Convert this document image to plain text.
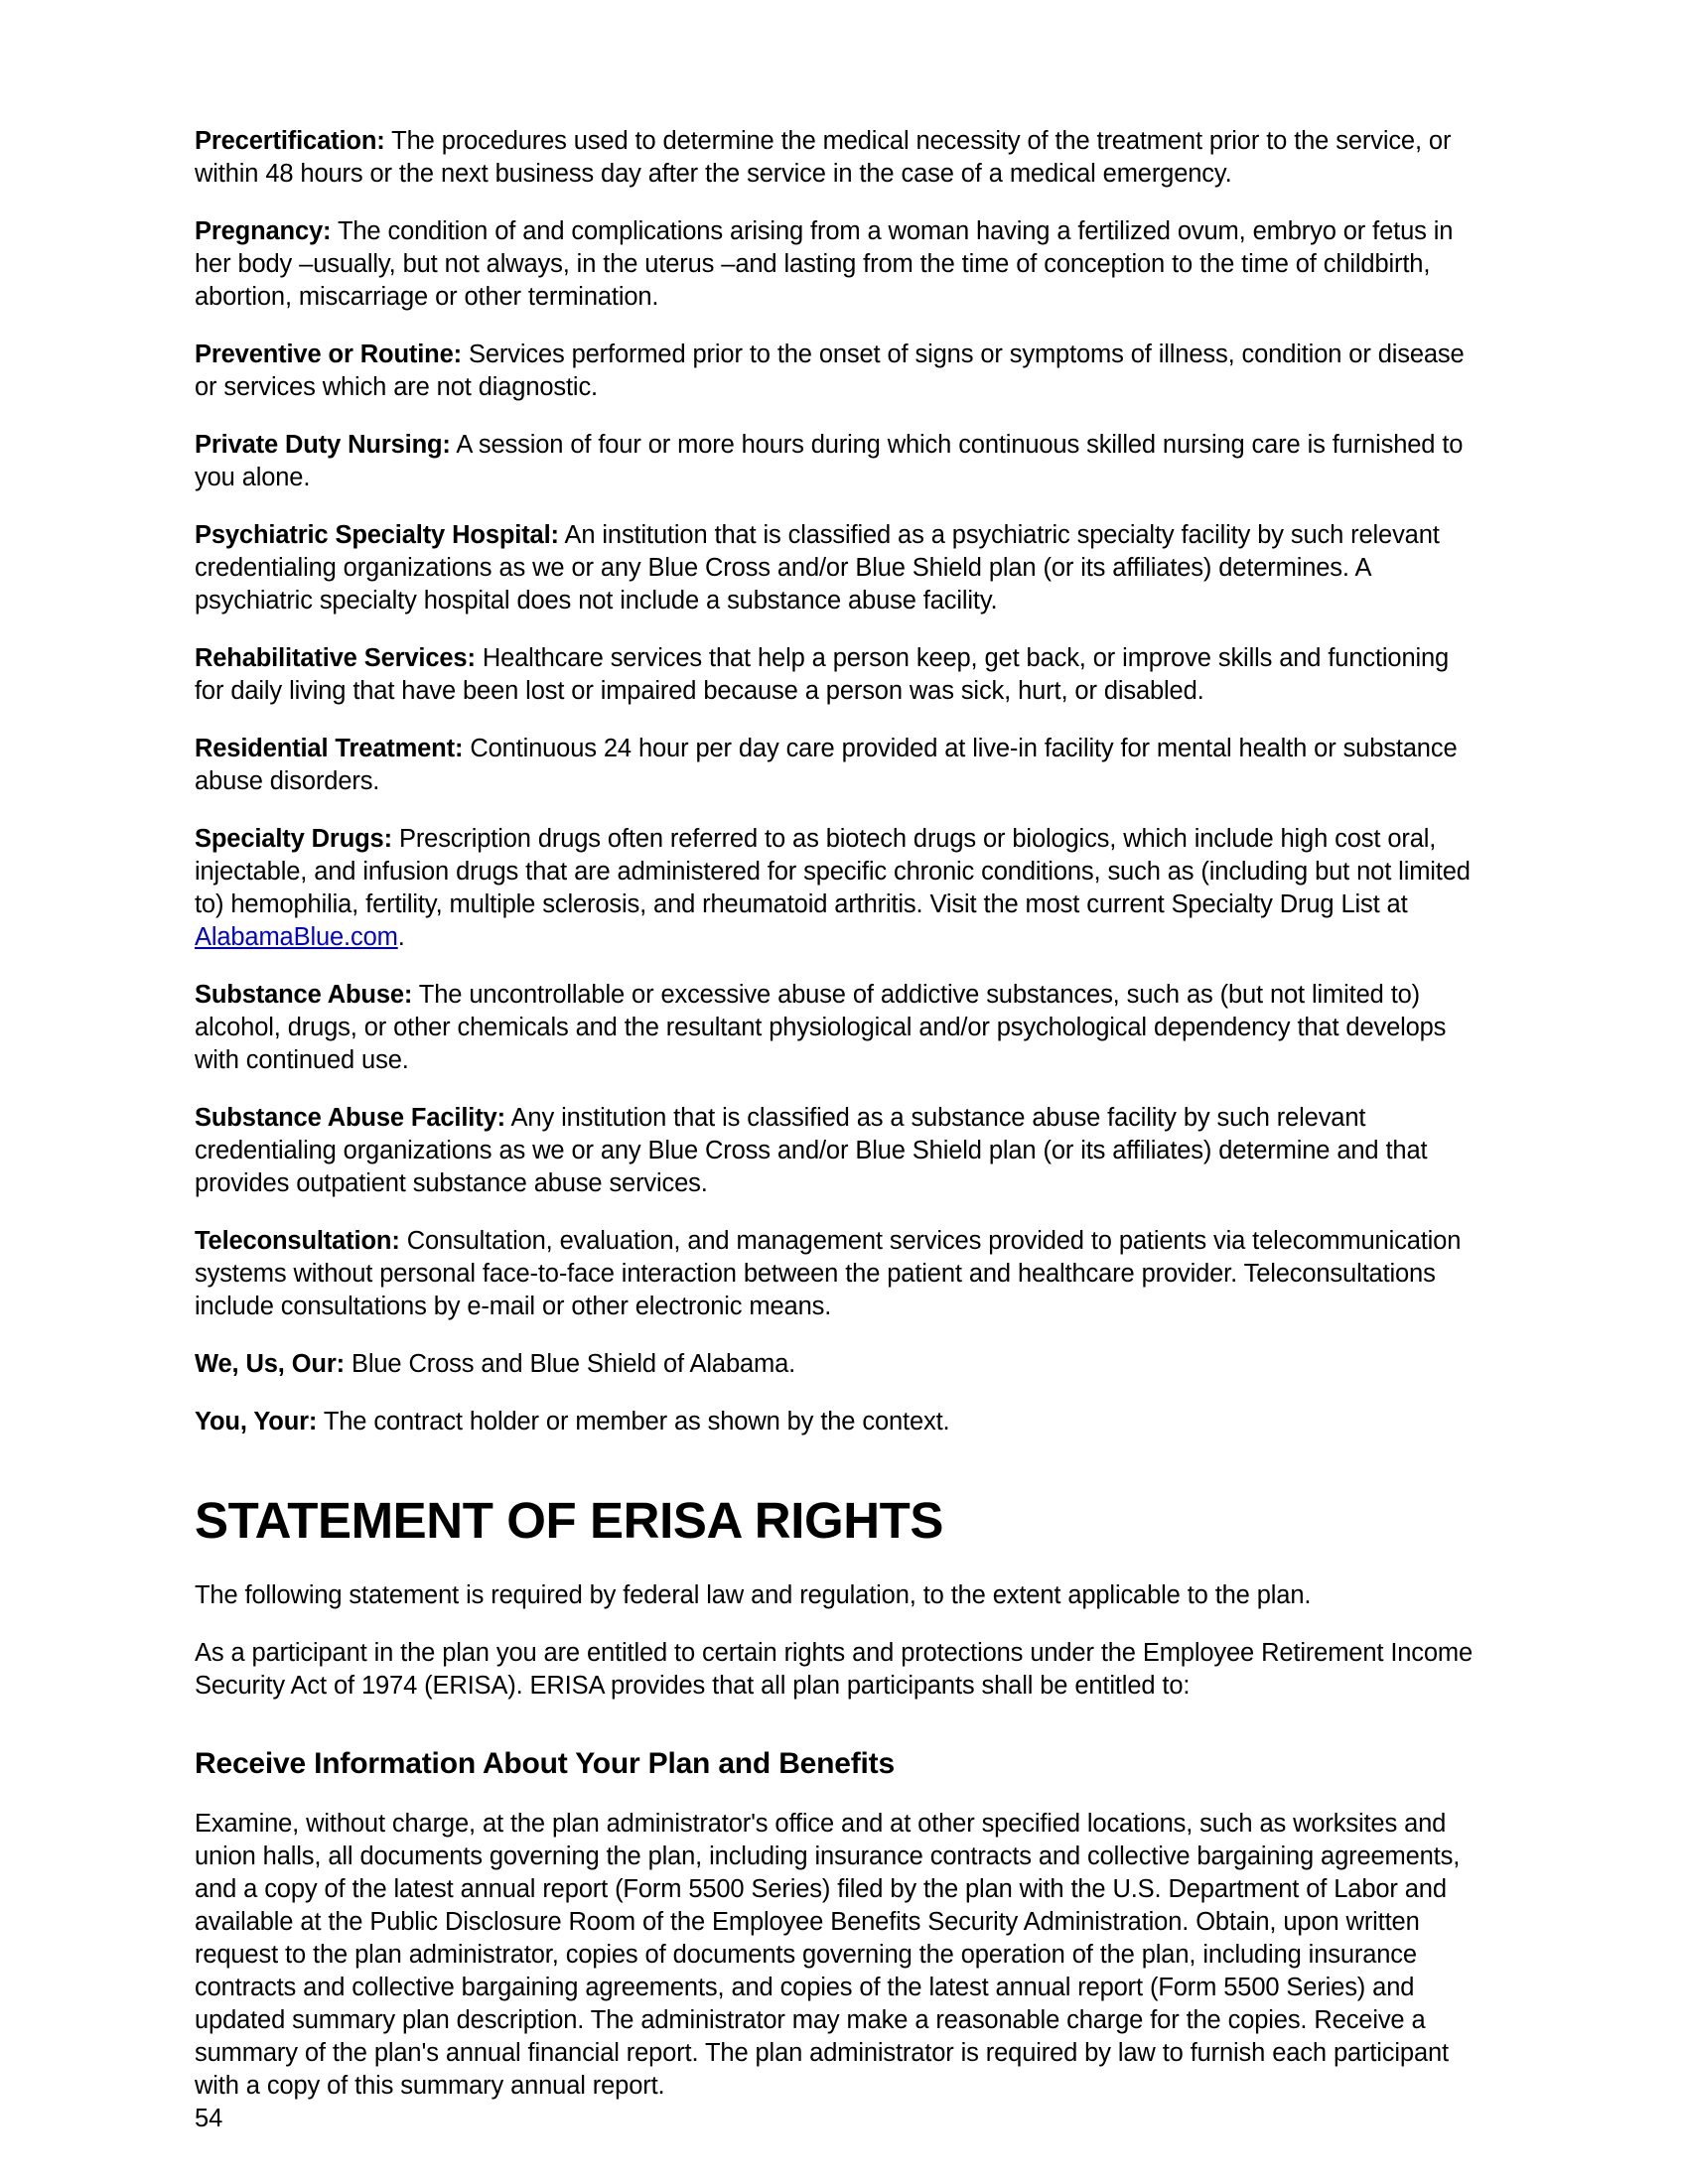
Precertification: The procedures used to determine the medical necessity of the treatment prior to the service, or within 48 hours or the next business day after the service in the case of a medical emergency.

Pregnancy: The condition of and complications arising from a woman having a fertilized ovum, embryo or fetus in her body –usually, but not always, in the uterus –and lasting from the time of conception to the time of childbirth, abortion, miscarriage or other termination.

Preventive or Routine: Services performed prior to the onset of signs or symptoms of illness, condition or disease or services which are not diagnostic.

Private Duty Nursing: A session of four or more hours during which continuous skilled nursing care is furnished to you alone.

Psychiatric Specialty Hospital: An institution that is classified as a psychiatric specialty facility by such relevant credentialing organizations as we or any Blue Cross and/or Blue Shield plan (or its affiliates) determines. A psychiatric specialty hospital does not include a substance abuse facility.

Rehabilitative Services: Healthcare services that help a person keep, get back, or improve skills and functioning for daily living that have been lost or impaired because a person was sick, hurt, or disabled.

Residential Treatment: Continuous 24 hour per day care provided at live-in facility for mental health or substance abuse disorders.

Specialty Drugs: Prescription drugs often referred to as biotech drugs or biologics, which include high cost oral, injectable, and infusion drugs that are administered for specific chronic conditions, such as (including but not limited to) hemophilia, fertility, multiple sclerosis, and rheumatoid arthritis. Visit the most current Specialty Drug List at AlabamaBlue.com.

Substance Abuse: The uncontrollable or excessive abuse of addictive substances, such as (but not limited to) alcohol, drugs, or other chemicals and the resultant physiological and/or psychological dependency that develops with continued use.

Substance Abuse Facility: Any institution that is classified as a substance abuse facility by such relevant credentialing organizations as we or any Blue Cross and/or Blue Shield plan (or its affiliates) determine and that provides outpatient substance abuse services.

Teleconsultation: Consultation, evaluation, and management services provided to patients via telecommunication systems without personal face-to-face interaction between the patient and healthcare provider. Teleconsultations include consultations by e-mail or other electronic means.

We, Us, Our: Blue Cross and Blue Shield of Alabama.

You, Your: The contract holder or member as shown by the context.

STATEMENT OF ERISA RIGHTS

The following statement is required by federal law and regulation, to the extent applicable to the plan.

As a participant in the plan you are entitled to certain rights and protections under the Employee Retirement Income Security Act of 1974 (ERISA). ERISA provides that all plan participants shall be entitled to:

Receive Information About Your Plan and Benefits

Examine, without charge, at the plan administrator's office and at other specified locations, such as worksites and union halls, all documents governing the plan, including insurance contracts and collective bargaining agreements, and a copy of the latest annual report (Form 5500 Series) filed by the plan with the U.S. Department of Labor and available at the Public Disclosure Room of the Employee Benefits Security Administration. Obtain, upon written request to the plan administrator, copies of documents governing the operation of the plan, including insurance contracts and collective bargaining agreements, and copies of the latest annual report (Form 5500 Series) and updated summary plan description. The administrator may make a reasonable charge for the copies. Receive a summary of the plan's annual financial report. The plan administrator is required by law to furnish each participant with a copy of this summary annual report.

54
